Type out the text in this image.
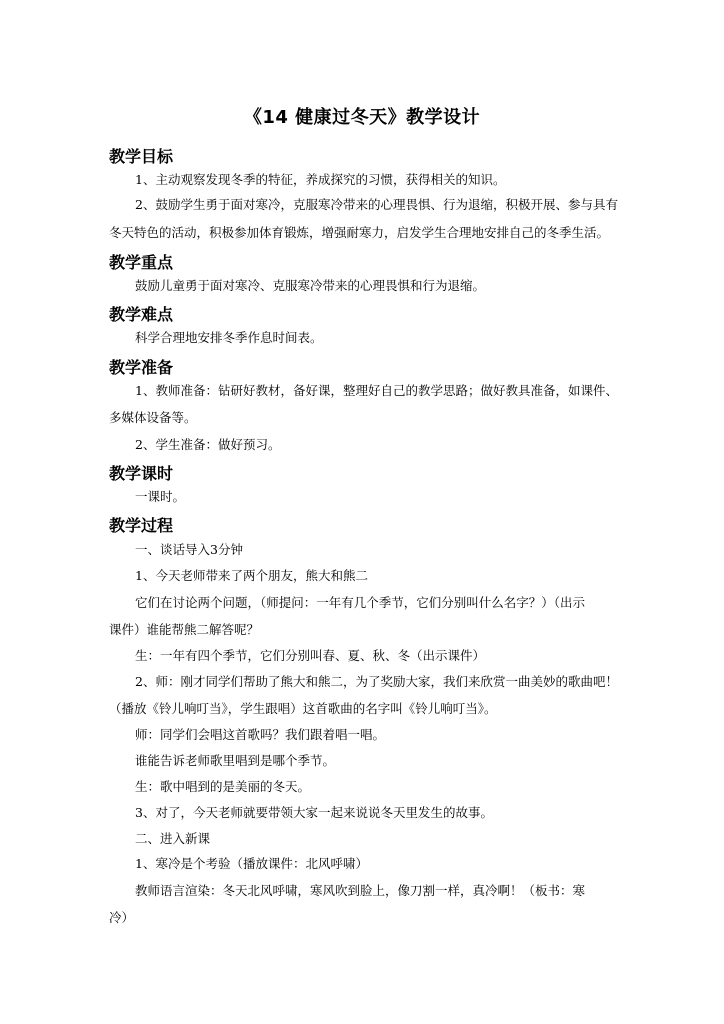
《14 健康过冬天》教学设计
教学目标
1、主动观察发现冬季的特征，养成探究的习惯，获得相关的知识。
2、鼓励学生勇于面对寒冷，克服寒冷带来的心理畏惧、行为退缩，积极开展、参与具有
冬天特色的活动，积极参加体育锻炼，增强耐寒力，启发学生合理地安排自己的冬季生活。
教学重点
鼓励儿童勇于面对寒冷、克服寒冷带来的心理畏惧和行为退缩。
教学难点
科学合理地安排冬季作息时间表。
教学准备
1、教师准备：钻研好教材，备好课，整理好自己的教学思路；做好教具准备，如课件、
多媒体设备等。
2、学生准备：做好预习。
教学课时
一课时。
教学过程
一、谈话导入3分钟
1、今天老师带来了两个朋友，熊大和熊二
它们在讨论两个问题，（师提问：一年有几个季节，它们分别叫什么名字？）（出示
课件）谁能帮熊二解答呢？
生：一年有四个季节，它们分别叫春、夏、秋、冬（出示课件）
2、师：刚才同学们帮助了熊大和熊二，为了奖励大家，我们来欣赏一曲美妙的歌曲吧！
（播放《铃儿响叮当》，学生跟唱）这首歌曲的名字叫《铃儿响叮当》。
师：同学们会唱这首歌吗？我们跟着唱一唱。
谁能告诉老师歌里唱到是哪个季节。
生：歌中唱到的是美丽的冬天。
3、对了，今天老师就要带领大家一起来说说冬天里发生的故事。
二、进入新课
1、寒冷是个考验（播放课件：北风呼啸）
教师语言渲染：冬天北风呼啸，寒风吹到脸上，像刀割一样，真冷啊！（板书：寒
冷）
